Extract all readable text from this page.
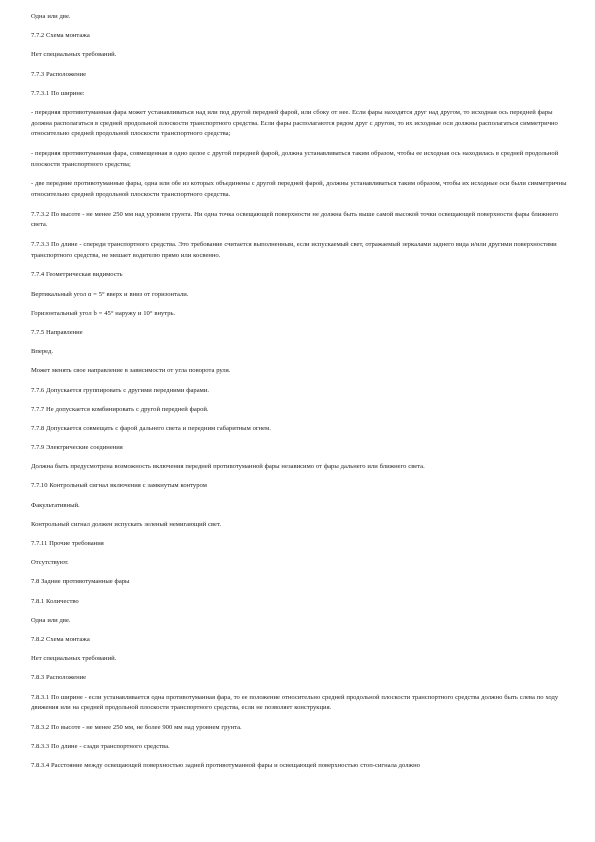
Одна или две.

7.7.2 Схема монтажа

Нет специальных требований.

7.7.3 Расположение

7.7.3.1 По ширине:

- передняя противотуманная фара может устанавливаться над или под другой передней фарой, или сбоку от нее. Если фары находятся друг над другом, то исходная ось передней фары должна располагаться в средней продольной плоскости транспортного средства. Если фары располагаются рядом друг с другом, то их исходные оси должны располагаться симметрично относительно средней продольной плоскости транспортного средства;

- передняя противотуманная фара, совмещенная в одно целое с другой передней фарой, должна устанавливаться таким образом, чтобы ее исходная ось находилась в средней продольной плоскости транспортного средства;

- две передние противотуманные фары, одна или обе из которых объединены с другой передней фарой, должны устанавливаться таким образом, чтобы их исходные оси были симметричны относительно средней продольной плоскости транспортного средства.

7.7.3.2 По высоте - не менее 250 мм над уровнем грунта. Ни одна точка освещающей поверхности не должна быть выше самой высокой точки освещающей поверхности фары ближнего света.

7.7.3.3 По длине - спереди транспортного средства. Это требование считается выполненным, если испускаемый свет, отражаемый зеркалами заднего вида и/или другими поверхностями транспортного средства, не мешает водителю прямо или косвенно.

7.7.4 Геометрическая видимость

Вертикальный угол α = 5° вверх и вниз от горизонтали.

Горизонтальный угол b = 45° наружу и 10° внутрь.

7.7.5 Направление

Вперед.

Может менять свое направление в зависимости от угла поворота руля.

7.7.6 Допускается группировать с другими передними фарами.

7.7.7 Не допускается комбинировать с другой передней фарой.

7.7.8 Допускается совмещать с фарой дальнего света и передним габаритным огнем.

7.7.9 Электрические соединения

Должна быть предусмотрена возможность включения передней противотуманной фары независимо от фары дальнего или ближнего света.

7.7.10 Контрольный сигнал включения с замкнутым контуром

Факультативный.

Контрольный сигнал должен испускать зеленый немигающий свет.

7.7.11 Прочие требования

Отсутствуют.

7.8 Задние противотуманные фары

7.8.1 Количество

Одна или две.

7.8.2 Схема монтажа

Нет специальных требований.

7.8.3 Расположение

7.8.3.1 По ширине - если устанавливается одна противотуманная фара, то ее положение относительно средней продольной плоскости транспортного средства должно быть слева по ходу движения или на средней продольной плоскости транспортного средства, если не позволяет конструкция.

7.8.3.2 По высоте - не менее 250 мм, не более 900 мм над уровнем грунта.

7.8.3.3 По длине - сзади транспортного средства.

7.8.3.4 Расстояние между освещающей поверхностью задней противотуманной фары и освещающей поверхностью стоп-сигнала должно
